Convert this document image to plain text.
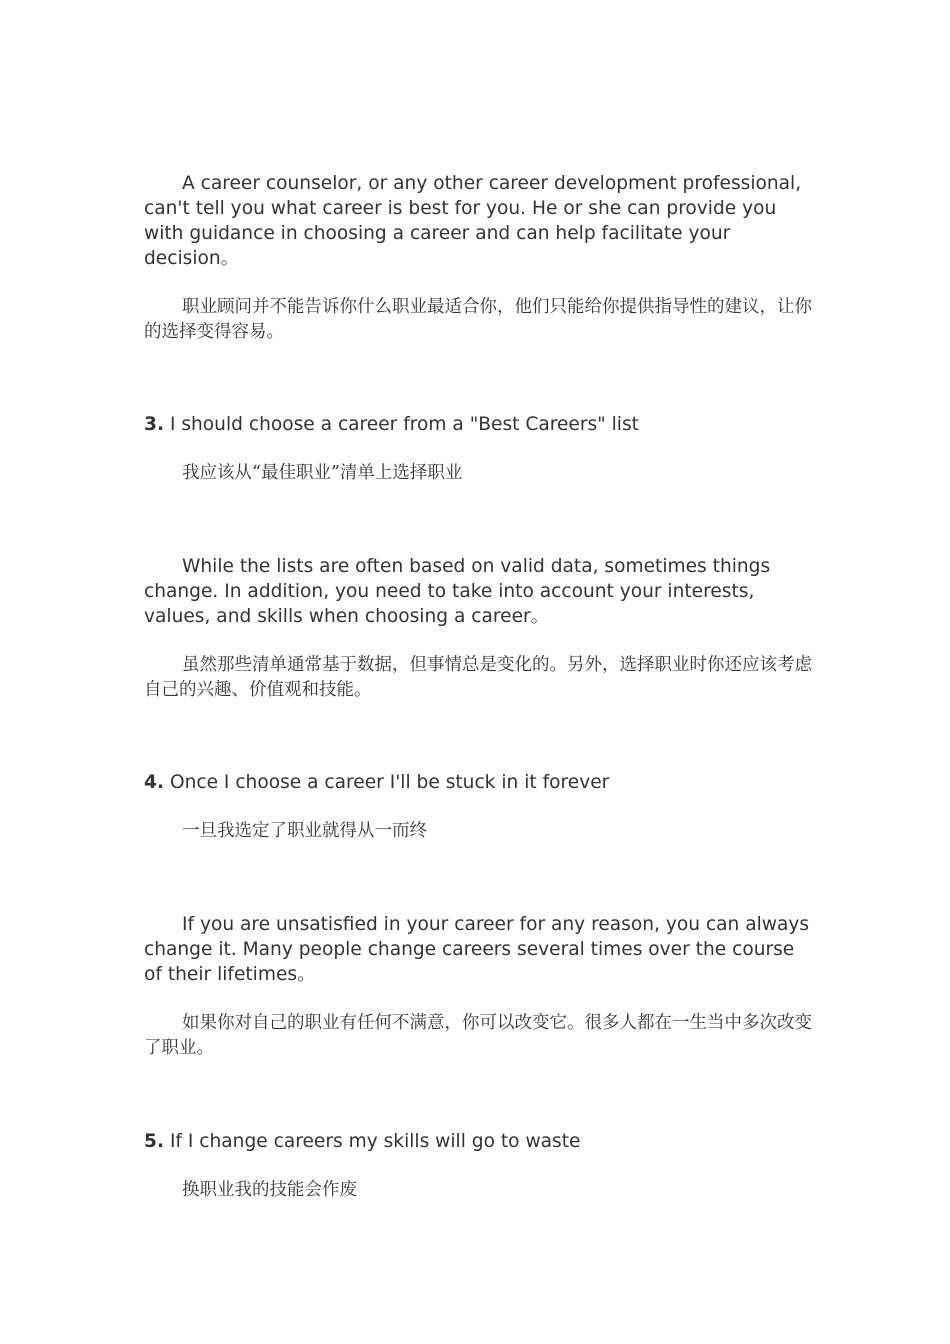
A career counselor, or any other career development professional, can't tell you what career is best for you. He or she can provide you with guidance in choosing a career and can help facilitate your decision。

职业顾问并不能告诉你什么职业最适合你，他们只能给你提供指导性的建议，让你的选择变得容易。

3. I should choose a career from a "Best Careers" list

我应该从“最佳职业”清单上选择职业

While the lists are often based on valid data, sometimes things change. In addition, you need to take into account your interests, values, and skills when choosing a career。

虽然那些清单通常基于数据，但事情总是变化的。另外，选择职业时你还应该考虑自己的兴趣、价值观和技能。

4. Once I choose a career I'll be stuck in it forever

一旦我选定了职业就得从一而终

If you are unsatisfied in your career for any reason, you can always change it. Many people change careers several times over the course of their lifetimes。

如果你对自己的职业有任何不满意，你可以改变它。很多人都在一生当中多次改变了职业。

5. If I change careers my skills will go to waste

换职业我的技能会作废
